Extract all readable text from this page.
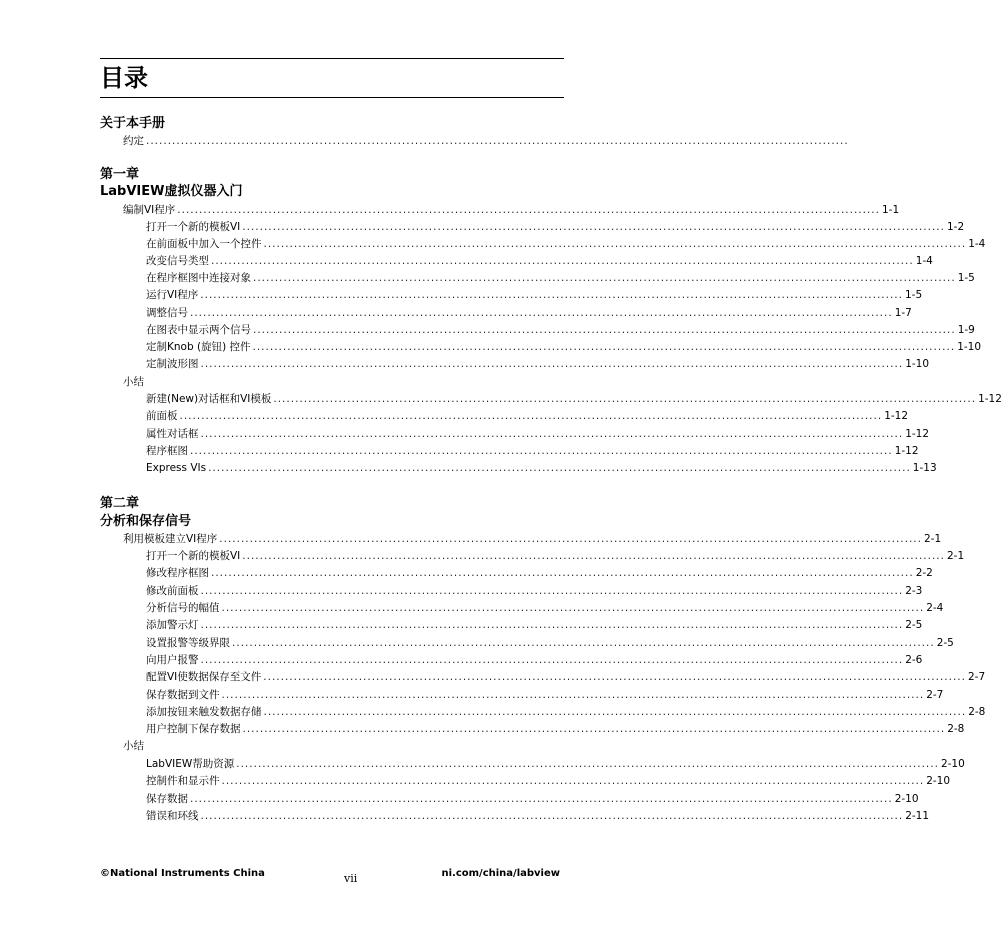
目录
关于本手册
约定 ..................................................................................................................................................................
第一章
LabVIEW虚拟仪器入门
编制VI程序 .................................................................................................................................................................. 1-1
打开一个新的模板VI .................................................................................................................................................................. 1-2
在前面板中加入一个控件 .................................................................................................................................................................. 1-4
改变信号类型 .................................................................................................................................................................. 1-4
在程序框图中连接对象 .................................................................................................................................................................. 1-5
运行VI程序 .................................................................................................................................................................. 1-5
调整信号 .................................................................................................................................................................. 1-7
在图表中显示两个信号 .................................................................................................................................................................. 1-9
定制Knob (旋钮) 控件 .................................................................................................................................................................. 1-10
定制波形图 .................................................................................................................................................................. 1-10
小结
新建(New)对话框和VI模板 .................................................................................................................................................................. 1-12
前面板 .................................................................................................................................................................. 1-12
属性对话框 .................................................................................................................................................................. 1-12
程序框图 .................................................................................................................................................................. 1-12
Express VIs .................................................................................................................................................................. 1-13
第二章
分析和保存信号
利用模板建立VI程序 .................................................................................................................................................................. 2-1
打开一个新的模板VI .................................................................................................................................................................. 2-1
修改程序框图 .................................................................................................................................................................. 2-2
修改前面板 .................................................................................................................................................................. 2-3
分析信号的幅值 .................................................................................................................................................................. 2-4
添加警示灯 .................................................................................................................................................................. 2-5
设置报警等级界限 .................................................................................................................................................................. 2-5
向用户报警 .................................................................................................................................................................. 2-6
配置VI使数据保存至文件 .................................................................................................................................................................. 2-7
保存数据到文件 .................................................................................................................................................................. 2-7
添加按钮来触发数据存储 .................................................................................................................................................................. 2-8
用户控制下保存数据 .................................................................................................................................................................. 2-8
小结
LabVIEW帮助资源 .................................................................................................................................................................. 2-10
控制件和显示件 .................................................................................................................................................................. 2-10
保存数据 .................................................................................................................................................................. 2-10
错误和环线 .................................................................................................................................................................. 2-11
©National Instruments China	vii	ni.com/china/labview
